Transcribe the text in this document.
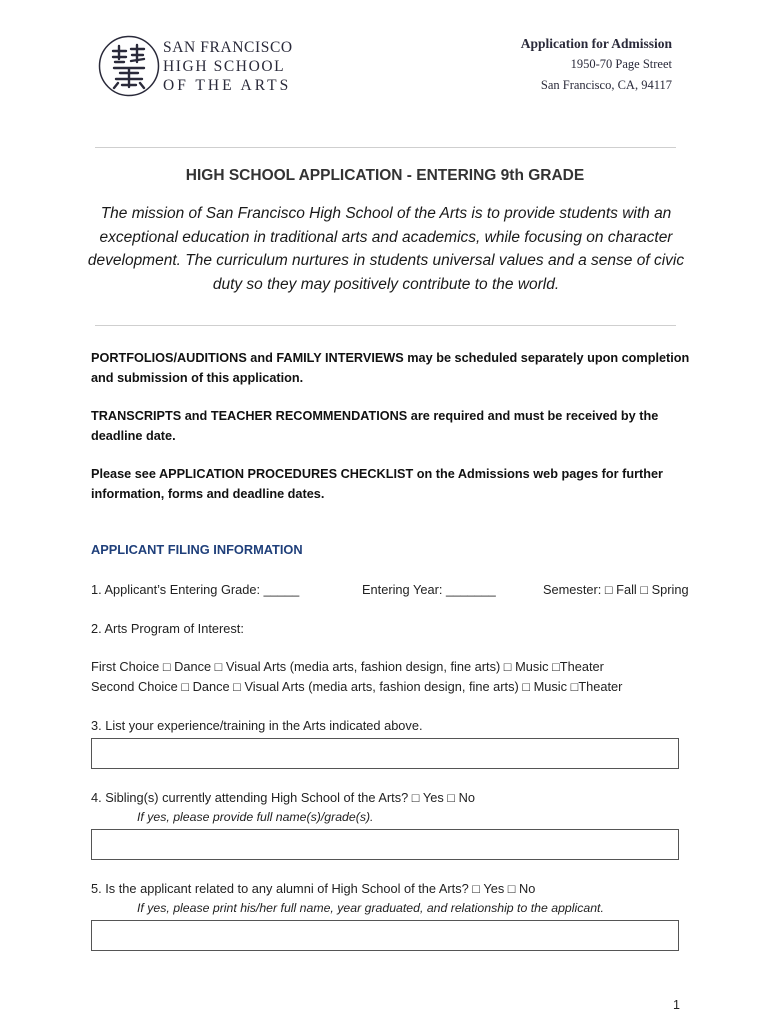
SAN FRANCISCO
HIGH SCHOOL
OF THE ARTS
Application for Admission
1950-70 Page Street
San Francisco, CA, 94117
HIGH SCHOOL APPLICATION - ENTERING 9th GRADE
The mission of San Francisco High School of the Arts is to provide students with an exceptional education in traditional arts and academics, while focusing on character development. The curriculum nurtures in students universal values and a sense of civic duty so they may positively contribute to the world.
PORTFOLIOS/AUDITIONS and FAMILY INTERVIEWS may be scheduled separately upon completion and submission of this application.
TRANSCRIPTS and TEACHER RECOMMENDATIONS are required and must be received by the deadline date.
Please see APPLICATION PROCEDURES CHECKLIST on the Admissions web pages for further information, forms and deadline dates.
APPLICANT FILING INFORMATION
1. Applicant’s Entering Grade: _____	Entering Year: _______	Semester: □ Fall □ Spring
2. Arts Program of Interest:
First Choice □ Dance □ Visual Arts (media arts, fashion design, fine arts) □ Music □Theater
Second Choice □ Dance □ Visual Arts (media arts, fashion design, fine arts) □ Music □Theater
3. List your experience/training in the Arts indicated above.
4. Sibling(s) currently attending High School of the Arts? □ Yes □ No
If yes, please provide full name(s)/grade(s).
5. Is the applicant related to any alumni of High School of the Arts? □ Yes □ No
If yes, please print his/her full name, year graduated, and relationship to the applicant.
1
